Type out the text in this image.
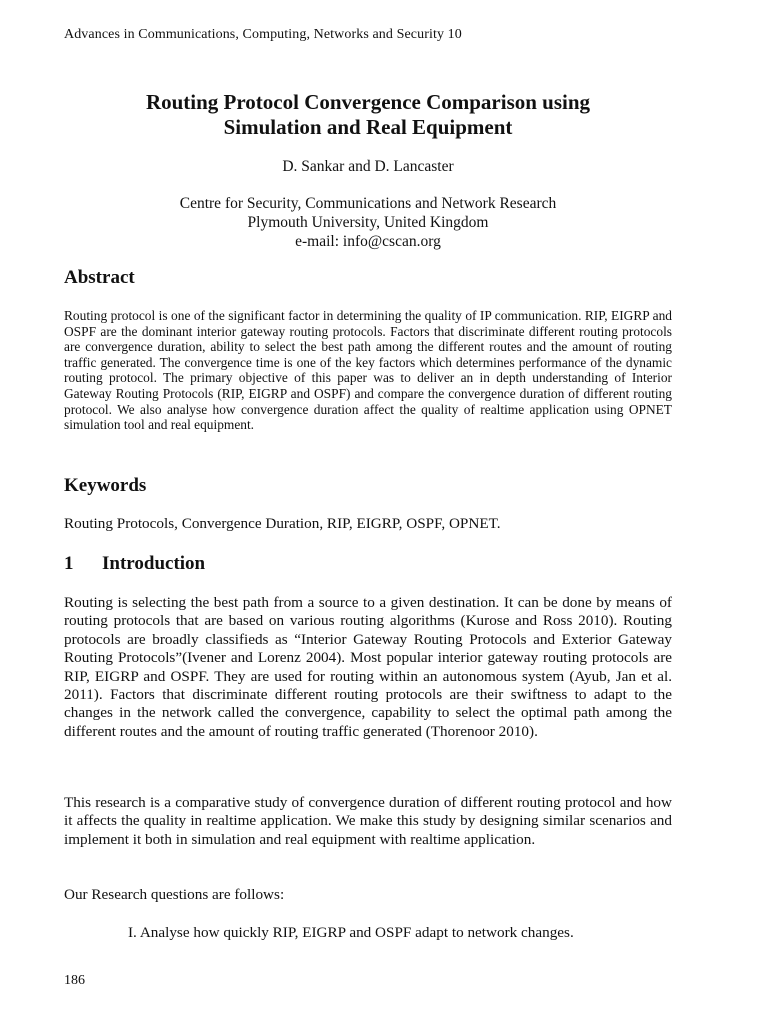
Advances in Communications, Computing, Networks and Security 10
Routing Protocol Convergence Comparison using
Simulation and Real Equipment
D. Sankar and D. Lancaster
Centre for Security, Communications and Network Research
Plymouth University, United Kingdom
e-mail: info@cscan.org
Abstract
Routing protocol is one of the significant factor in determining the quality of IP communication. RIP, EIGRP and OSPF are the dominant interior gateway routing protocols. Factors that discriminate different routing protocols are convergence duration, ability to select the best path among the different routes and the amount of routing traffic generated. The convergence time is one of the key factors which determines performance of the dynamic routing protocol. The primary objective of this paper was to deliver an in depth understanding of Interior Gateway Routing Protocols (RIP, EIGRP and OSPF) and compare the convergence duration of different routing protocol. We also analyse how convergence duration affect the quality of realtime application using OPNET simulation tool and real equipment.
Keywords
Routing Protocols, Convergence Duration, RIP, EIGRP, OSPF, OPNET.
1 Introduction
Routing is selecting the best path from a source to a given destination. It can be done by means of routing protocols that are based on various routing algorithms (Kurose and Ross 2010). Routing protocols are broadly classifieds as “Interior Gateway Routing Protocols and Exterior Gateway Routing Protocols”(Ivener and Lorenz 2004). Most popular interior gateway routing protocols are RIP, EIGRP and OSPF. They are used for routing within an autonomous system (Ayub, Jan et al. 2011). Factors that discriminate different routing protocols are their swiftness to adapt to the changes in the network called the convergence, capability to select the optimal path among the different routes and the amount of routing traffic generated (Thorenoor 2010).
This research is a comparative study of convergence duration of different routing protocol and how it affects the quality in realtime application. We make this study by designing similar scenarios and implement it both in simulation and real equipment with realtime application.
Our Research questions are follows:
I. Analyse how quickly RIP, EIGRP and OSPF adapt to network changes.
186
